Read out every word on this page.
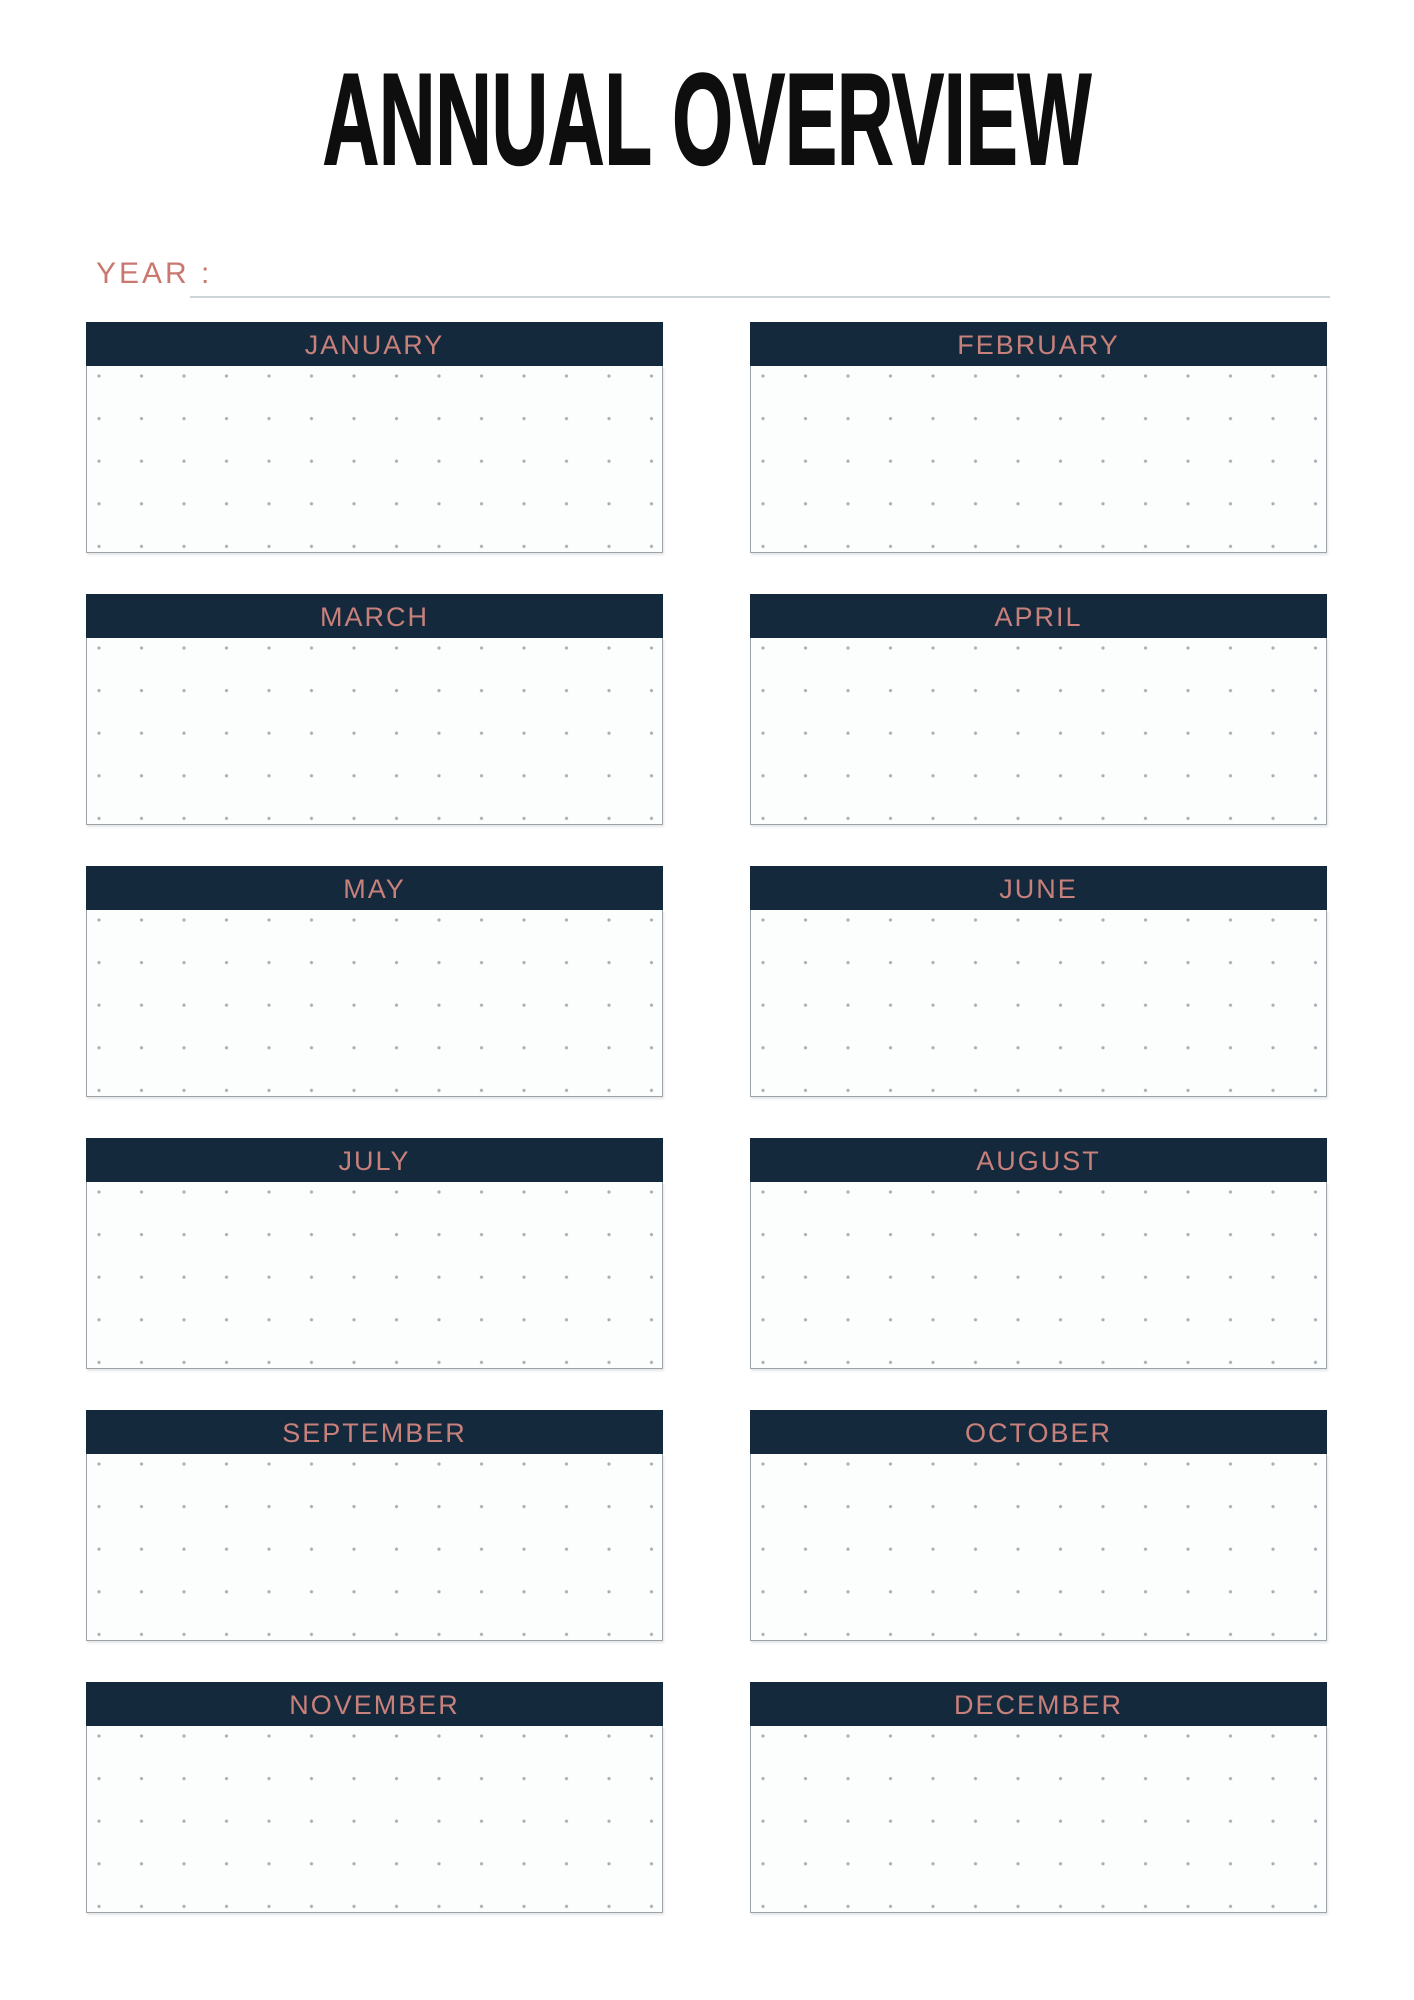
ANNUAL OVERVIEW
YEAR :
JANUARY	FEBRUARY
MARCH	APRIL
MAY	JUNE
JULY	AUGUST
SEPTEMBER	OCTOBER
NOVEMBER	DECEMBER
